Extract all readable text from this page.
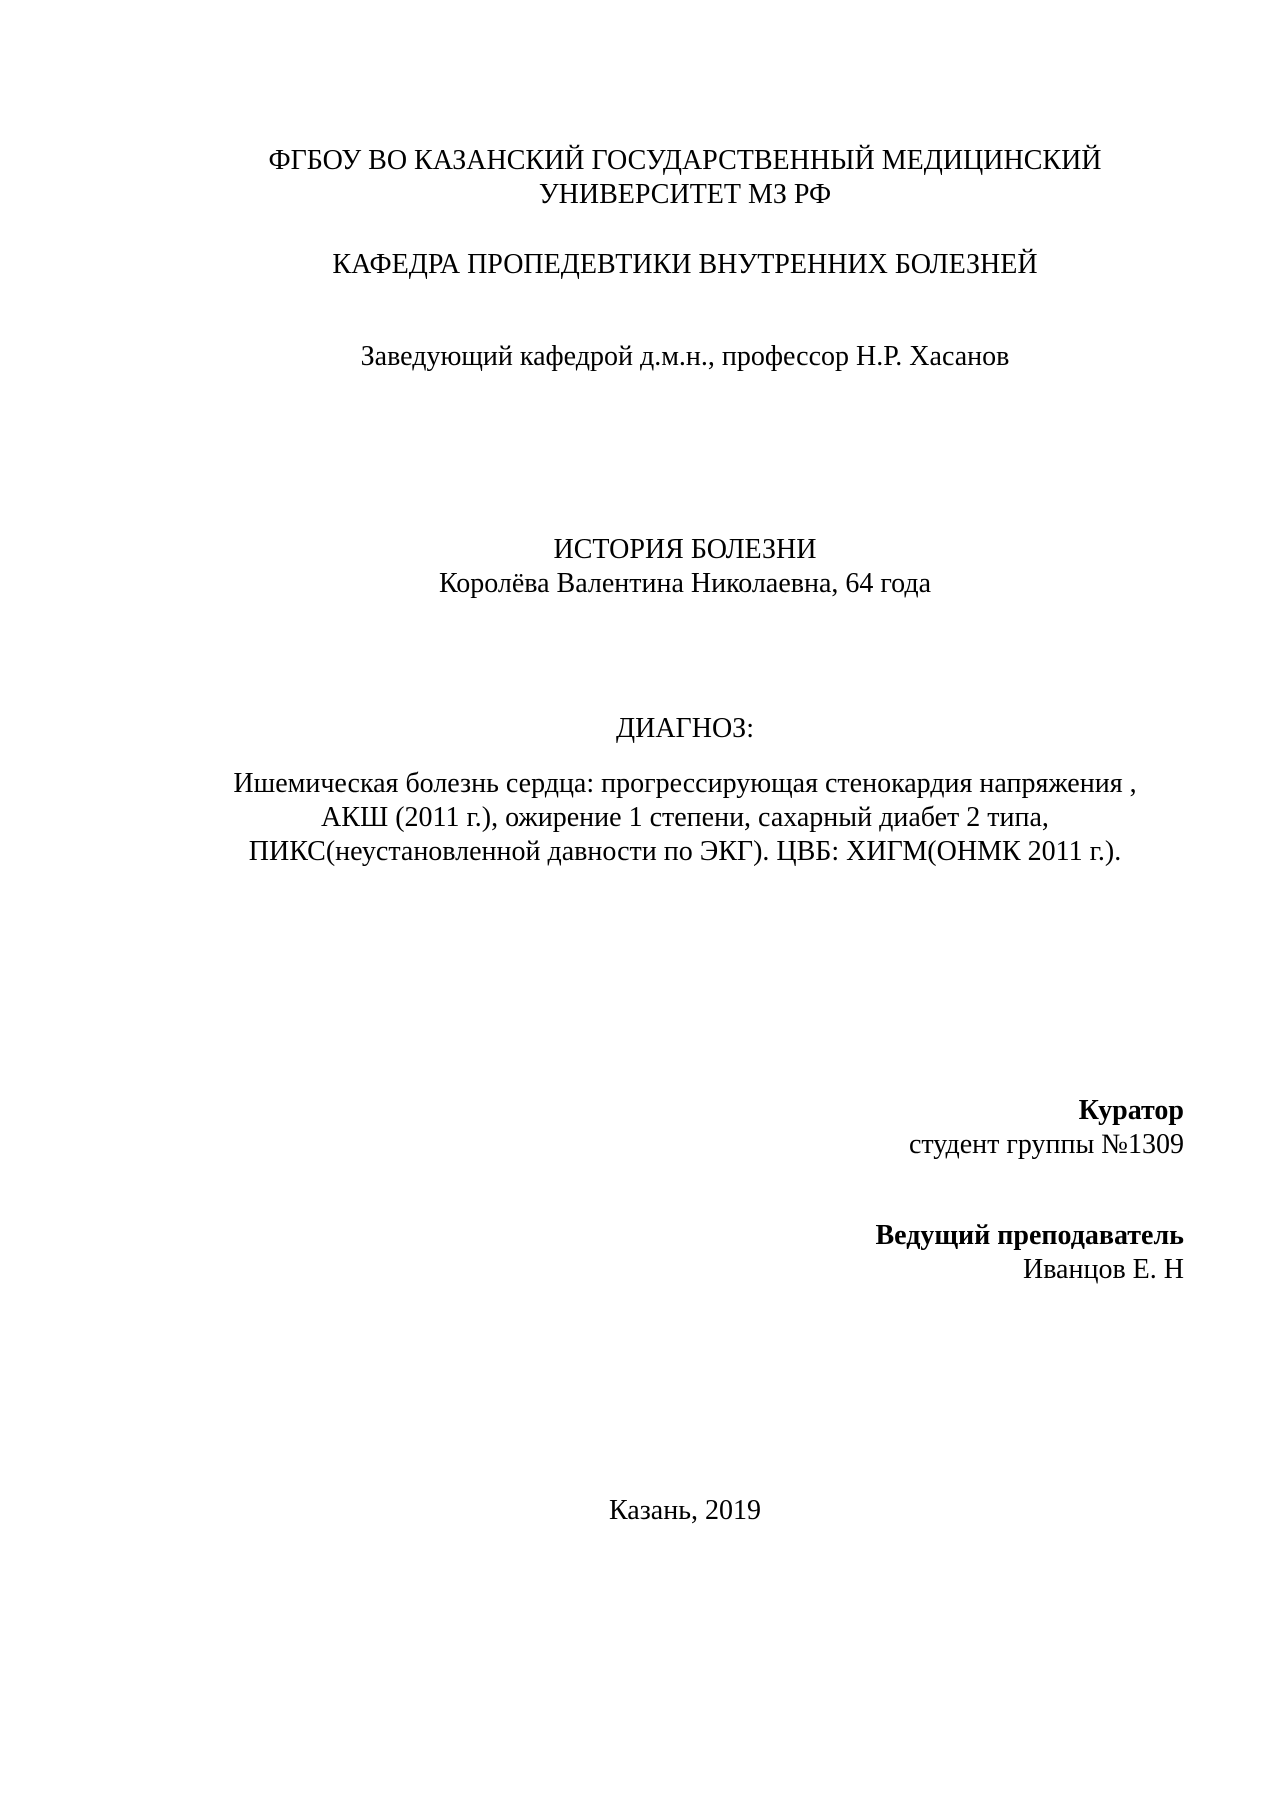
ФГБОУ ВО КАЗАНСКИЙ ГОСУДАРСТВЕННЫЙ МЕДИЦИНСКИЙ
УНИВЕРСИТЕТ МЗ РФ
КАФЕДРА ПРОПЕДЕВТИКИ ВНУТРЕННИХ БОЛЕЗНЕЙ
Заведующий кафедрой д.м.н., профессор Н.Р. Хасанов
ИСТОРИЯ БОЛЕЗНИ
Королёва Валентина Николаевна, 64 года
ДИАГНОЗ:
Ишемическая болезнь сердца: прогрессирующая стенокардия напряжения ,
АКШ (2011 г.), ожирение 1 степени, сахарный диабет 2 типа,
ПИКС(неустановленной давности по ЭКГ). ЦВБ: ХИГМ(ОНМК 2011 г.).
Куратор
студент группы №1309
Ведущий преподаватель
Иванцов Е. Н
Казань, 2019
